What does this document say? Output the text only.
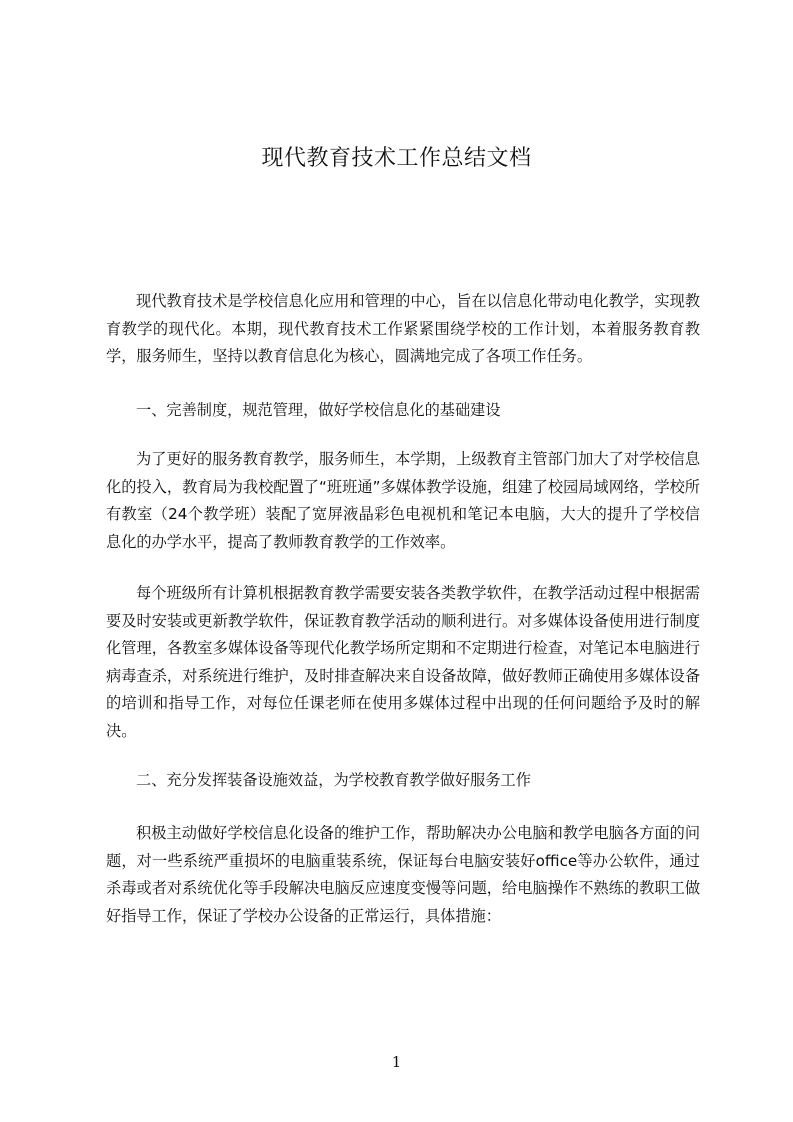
现代教育技术工作总结文档

现代教育技术是学校信息化应用和管理的中心，旨在以信息化带动电化教学，实现教育教学的现代化。本期，现代教育技术工作紧紧围绕学校的工作计划，本着服务教育教学，服务师生，坚持以教育信息化为核心，圆满地完成了各项工作任务。

一、完善制度，规范管理，做好学校信息化的基础建设

为了更好的服务教育教学，服务师生，本学期，上级教育主管部门加大了对学校信息化的投入，教育局为我校配置了“班班通”多媒体教学设施，组建了校园局域网络，学校所有教室（24个教学班）装配了宽屏液晶彩色电视机和笔记本电脑，大大的提升了学校信息化的办学水平，提高了教师教育教学的工作效率。

每个班级所有计算机根据教育教学需要安装各类教学软件，在教学活动过程中根据需要及时安装或更新教学软件，保证教育教学活动的顺利进行。对多媒体设备使用进行制度化管理，各教室多媒体设备等现代化教学场所定期和不定期进行检查，对笔记本电脑进行病毒查杀，对系统进行维护，及时排查解决来自设备故障，做好教师正确使用多媒体设备的培训和指导工作，对每位任课老师在使用多媒体过程中出现的任何问题给予及时的解决。

二、充分发挥装备设施效益，为学校教育教学做好服务工作

积极主动做好学校信息化设备的维护工作，帮助解决办公电脑和教学电脑各方面的问题，对一些系统严重损坏的电脑重装系统，保证每台电脑安装好office等办公软件，通过杀毒或者对系统优化等手段解决电脑反应速度变慢等问题，给电脑操作不熟练的教职工做好指导工作，保证了学校办公设备的正常运行，具体措施：

1
